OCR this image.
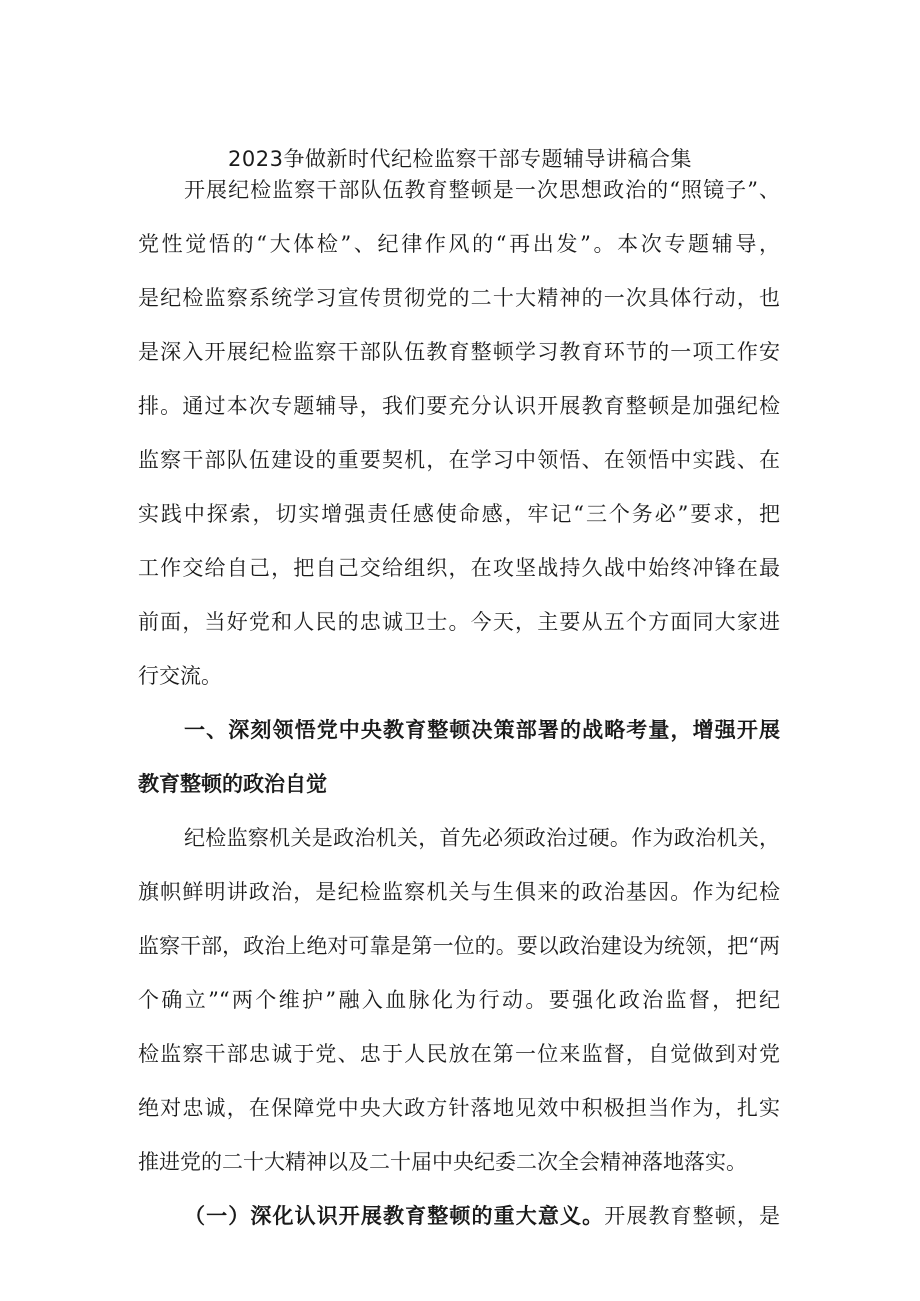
2023争做新时代纪检监察干部专题辅导讲稿合集
开展纪检监察干部队伍教育整顿是一次思想政治的“照镜子”、
党性觉悟的“大体检”、纪律作风的“再出发”。本次专题辅导，
是纪检监察系统学习宣传贯彻党的二十大精神的一次具体行动，也
是深入开展纪检监察干部队伍教育整顿学习教育环节的一项工作安
排。通过本次专题辅导，我们要充分认识开展教育整顿是加强纪检
监察干部队伍建设的重要契机，在学习中领悟、在领悟中实践、在
实践中探索，切实增强责任感使命感，牢记“三个务必”要求，把
工作交给自己，把自己交给组织，在攻坚战持久战中始终冲锋在最
前面，当好党和人民的忠诚卫士。今天，主要从五个方面同大家进
行交流。
一、深刻领悟党中央教育整顿决策部署的战略考量，增强开展
教育整顿的政治自觉
纪检监察机关是政治机关，首先必须政治过硬。作为政治机关，
旗帜鲜明讲政治，是纪检监察机关与生俱来的政治基因。作为纪检
监察干部，政治上绝对可靠是第一位的。要以政治建设为统领，把“两
个确立”“两个维护”融入血脉化为行动。要强化政治监督，把纪
检监察干部忠诚于党、忠于人民放在第一位来监督，自觉做到对党
绝对忠诚，在保障党中央大政方针落地见效中积极担当作为，扎实
推进党的二十大精神以及二十届中央纪委二次全会精神落地落实。
（一）深化认识开展教育整顿的重大意义。开展教育整顿，是
